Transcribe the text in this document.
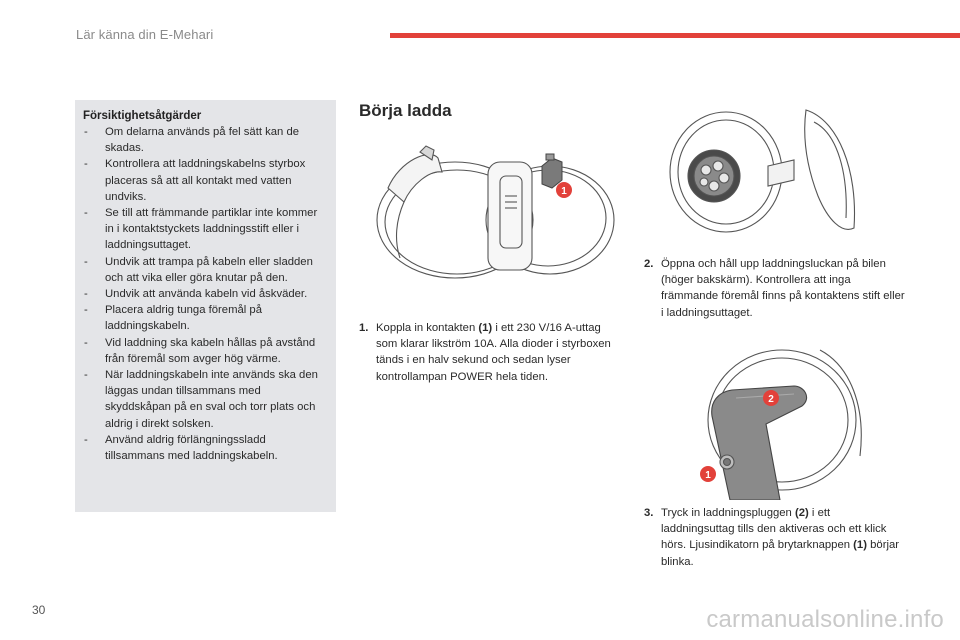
Lär känna din E-Mehari
Försiktighetsåtgärder
- Om delarna används på fel sätt kan de skadas.
- Kontrollera att laddningskabelns styrbox placeras så att all kontakt med vatten undviks.
- Se till att främmande partiklar inte kommer in i kontaktstyckets laddningsstift eller i laddningsuttaget.
- Undvik att trampa på kabeln eller sladden och att vika eller göra knutar på den.
- Undvik att använda kabeln vid åskväder.
- Placera aldrig tunga föremål på laddningskabeln.
- Vid laddning ska kabeln hållas på avstånd från föremål som avger hög värme.
- När laddningskabeln inte används ska den läggas undan tillsammans med skyddskåpan på en sval och torr plats och aldrig i direkt solsken.
- Använd aldrig förlängningssladd tillsammans med laddningskabeln.
Börja ladda
1
2
1
1. Koppla in kontakten (1) i ett 230 V/16 A-uttag som klarar likström 10A. Alla dioder i styrboxen tänds i en halv sekund och sedan lyser kontrollampan POWER hela tiden.
2. Öppna och håll upp laddningsluckan på bilen (höger bakskärm). Kontrollera att inga främmande föremål finns på kontaktens stift eller i laddningsuttaget.
3. Tryck in laddningspluggen (2) i ett laddningsuttag tills den aktiveras och ett klick hörs. Ljusindikatorn på brytarknappen (1) börjar blinka.
30	carmanualsonline.info
